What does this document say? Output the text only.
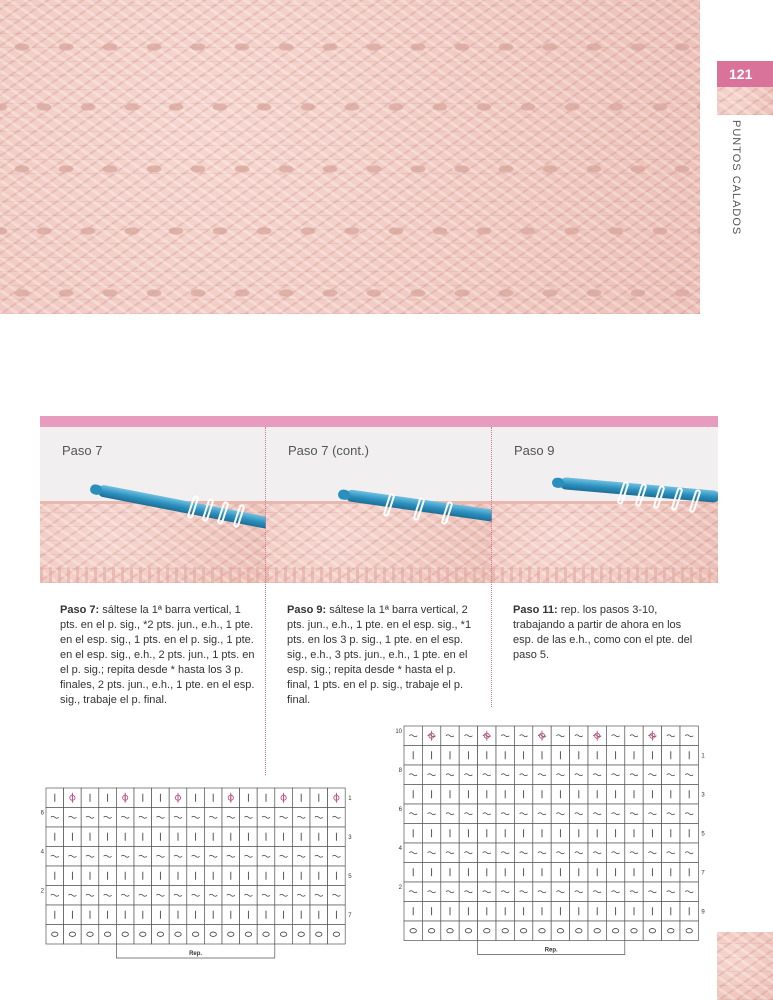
121
PUNTOS CALADOS
Paso 7	Paso 7 (cont.)	Paso 9
Paso 7: sáltese la 1ª barra vertical, 1 pts. en el p. sig., *2 pts. jun., e.h., 1 pte. en el esp. sig., 1 pts. en el p. sig., 1 pte. en el esp. sig., e.h., 2 pts. jun., 1 pts. en el p. sig.; repita desde * hasta los 3 p. finales, 2 pts. jun., e.h., 1 pte. en el esp. sig., trabaje el p. final.
Paso 9: sáltese la 1ª barra vertical, 2 pts. jun., e.h., 1 pte. en el esp. sig., *1 pts. en los 3 p. sig., 1 pte. en el esp. sig., e.h., 3 pts. jun., e.h., 1 pte. en el esp. sig.; repita desde * hasta el p. final, 1 pts. en el p. sig., trabaje el p. final.
Paso 11: rep. los pasos 3-10, trabajando a partir de ahora en los esp. de las e.h., como con el pte. del paso 5.
Rep.
7
5
3
1
6
4
2
Rep.
9
7
5
3
1
10
8
6
4
2
